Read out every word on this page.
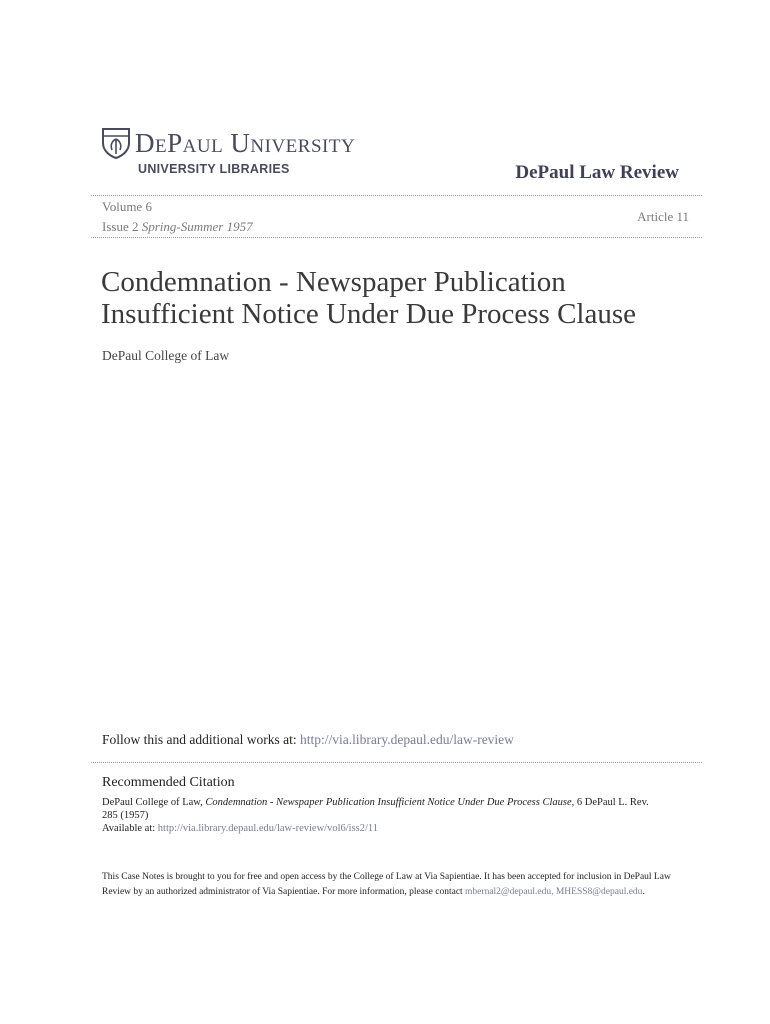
DePaul University
UNIVERSITY LIBRARIES	DePaul Law Review
Volume 6
Issue 2 Spring-Summer 1957
Article 11
Condemnation - Newspaper Publication
Insufficient Notice Under Due Process Clause
DePaul College of Law
Follow this and additional works at: http://via.library.depaul.edu/law-review
Recommended Citation
DePaul College of Law, Condemnation - Newspaper Publication Insufficient Notice Under Due Process Clause, 6 DePaul L. Rev. 285 (1957)
Available at: http://via.library.depaul.edu/law-review/vol6/iss2/11
This Case Notes is brought to you for free and open access by the College of Law at Via Sapientiae. It has been accepted for inclusion in DePaul Law Review by an authorized administrator of Via Sapientiae. For more information, please contact mbernal2@depaul.edu, MHESS8@depaul.edu.
